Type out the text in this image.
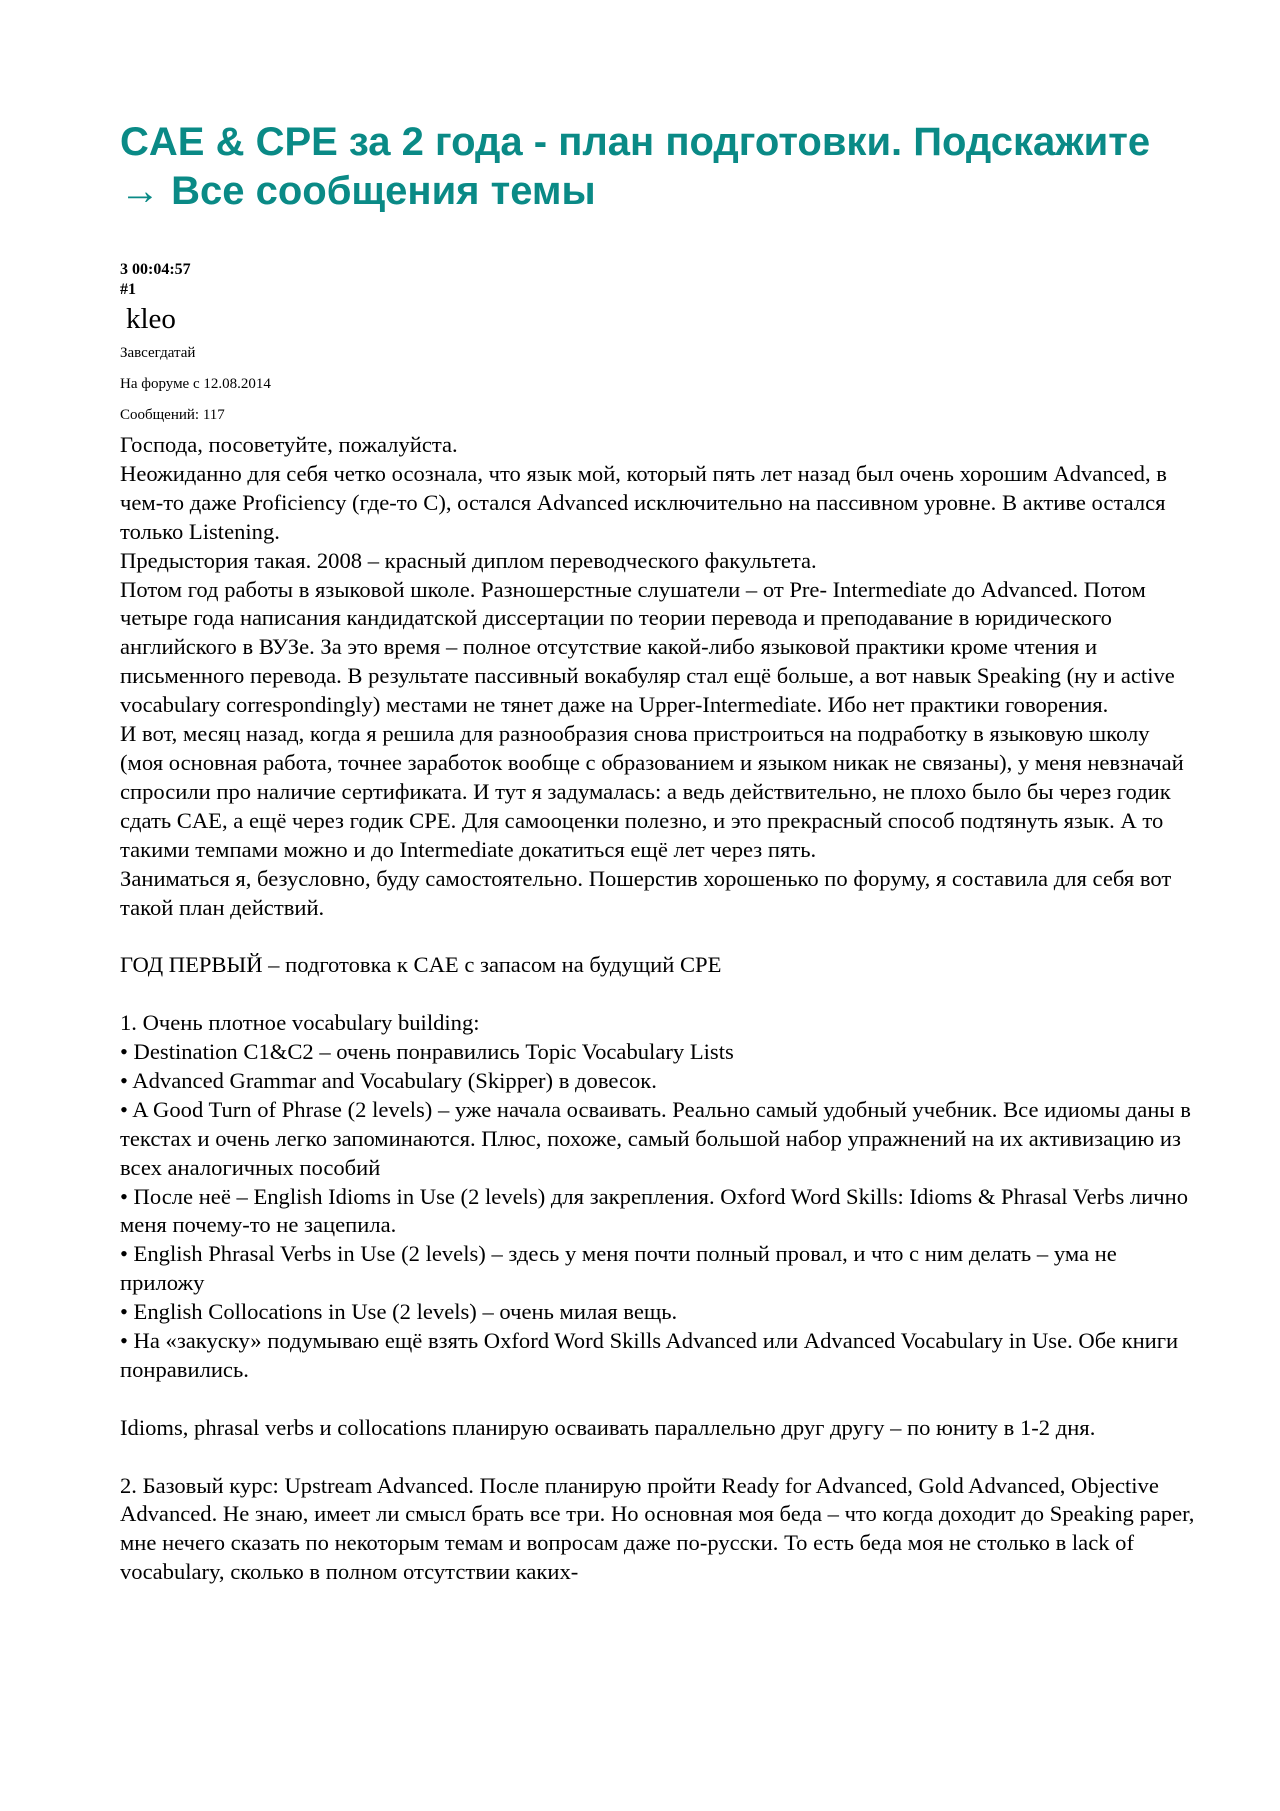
CAE & CPE за 2 года - план подготовки. Подскажите → Все сообщения темы
3 00:04:57
#1
kleo
Завсегдатай
На форуме с 12.08.2014
Сообщений: 117

Господа, посоветуйте, пожалуйста.

Неожиданно для себя четко осознала, что язык мой, который пять лет назад был очень хорошим Advanced, в чем-то даже Proficiency (где-то C), остался Advanced исключительно на пассивном уровне. В активе остался только Listening.

Предыстория такая. 2008 – красный диплом переводческого факультета.

Потом год работы в языковой школе. Разношерстные слушатели – от Pre- Intermediate до Advanced. Потом четыре года написания кандидатской диссертации по теории перевода и преподавание в юридического английского в ВУЗе. За это время – полное отсутствие какой-либо языковой практики кроме чтения и письменного перевода. В результате пассивный вокабуляр стал ещё больше, а вот навык Speaking (ну и active vocabulary correspondingly) местами не тянет даже на Upper-Intermediate. Ибо нет практики говорения.

И вот, месяц назад, когда я решила для разнообразия снова пристроиться на подработку в языковую школу (моя основная работа, точнее заработок вообще с образованием и языком никак не связаны), у меня невзначай спросили про наличие сертификата. И тут я задумалась: а ведь действительно, не плохо было бы через годик сдать CAE, а ещё через годик CPE. Для самооценки полезно, и это прекрасный способ подтянуть язык. А то такими темпами можно и до Intermediate докатиться ещё лет через пять.

Заниматься я, безусловно, буду самостоятельно. Пошерстив хорошенько по форуму, я составила для себя вот такой план действий.

ГОД ПЕРВЫЙ – подготовка к CAE с запасом на будущий CPE

1. Очень плотное vocabulary building:

• Destination C1&C2 – очень понравились Topic Vocabulary Lists

• Advanced Grammar and Vocabulary (Skipper) в довесок.

• A Good Turn of Phrase (2 levels) – уже начала осваивать. Реально самый удобный учебник. Все идиомы даны в текстах и очень легко запоминаются. Плюс, похоже, самый большой набор упражнений на их активизацию из всех аналогичных пособий

• После неё – English Idioms in Use (2 levels) для закрепления. Oxford Word Skills: Idioms & Phrasal Verbs лично меня почему-то не зацепила.

• English Phrasal Verbs in Use (2 levels) – здесь у меня почти полный провал, и что с ним делать – ума не приложу

• English Collocations in Use (2 levels) – очень милая вещь.

• На «закуску» подумываю ещё взять Oxford Word Skills Advanced или Advanced Vocabulary in Use. Обе книги понравились.

Idioms, phrasal verbs и collocations планирую осваивать параллельно друг другу – по юниту в 1-2 дня.

2. Базовый курс: Upstream Advanced. После планирую пройти Ready for Advanced, Gold Advanced, Objective Advanced. Не знаю, имеет ли смысл брать все три. Но основная моя беда – что когда доходит до Speaking paper, мне нечего сказать по некоторым темам и вопросам даже по-русски. То есть беда моя не столько в lack of vocabulary, сколько в полном отсутствии каких-
